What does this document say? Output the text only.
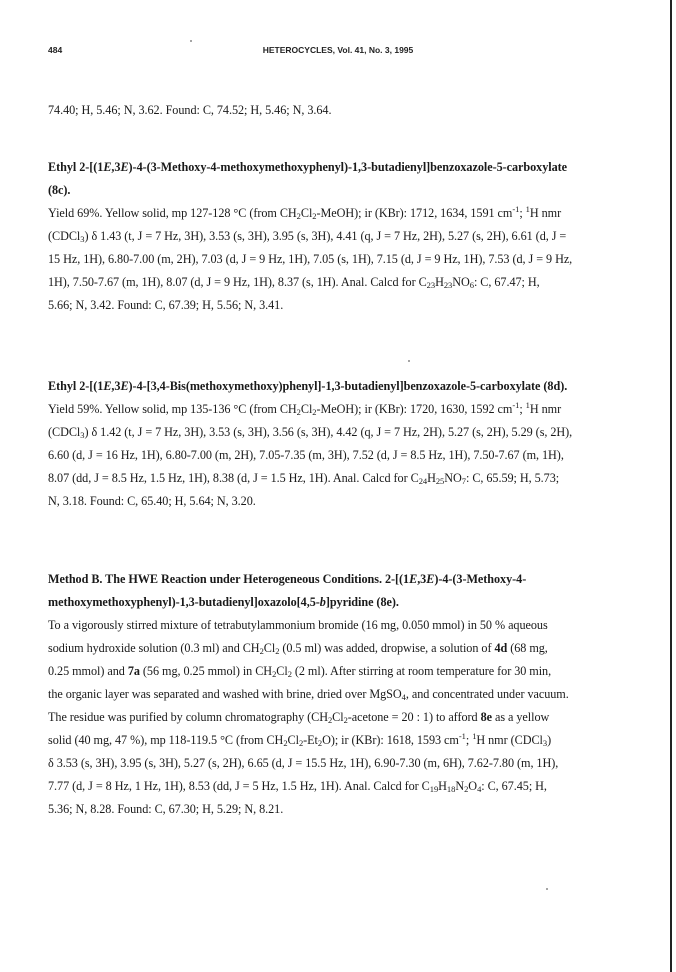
484	HETEROCYCLES, Vol. 41, No. 3, 1995
74.40; H, 5.46; N, 3.62. Found: C, 74.52; H, 5.46; N, 3.64.
Ethyl 2-[(1E,3E)-4-(3-Methoxy-4-methoxymethoxyphenyl)-1,3-butadienyl]benzoxazole-5-carboxylate
(8c).
Yield 69%. Yellow solid, mp 127-128 °C (from $CH_2Cl_2-MeOH$); ir (KBr): 1712, 1634, 1591 $cm^{-1}$; $^1$H nmr
(CDCl$_3$) δ 1.43 (t, J = 7 Hz, 3H), 3.53 (s, 3H), 3.95 (s, 3H), 4.41 (q, J = 7 Hz, 2H), 5.27 (s, 2H), 6.61 (d, J =
15 Hz, 1H), 6.80-7.00 (m, 2H), 7.03 (d, J = 9 Hz, 1H), 7.05 (s, 1H), 7.15 (d, J = 9 Hz, 1H), 7.53 (d, J = 9 Hz,
1H), 7.50-7.67 (m, 1H), 8.07 (d, J = 9 Hz, 1H), 8.37 (s, 1H). Anal. Calcd for $C_{23}H_{23}NO_6$: C, 67.47; H,
5.66; N, 3.42. Found: C, 67.39; H, 5.56; N, 3.41.
Ethyl 2-[(1E,3E)-4-[3,4-Bis(methoxymethoxy)phenyl]-1,3-butadienyl]benzoxazole-5-carboxylate (8d).
Yield 59%. Yellow solid, mp 135-136 °C (from $CH_2Cl_2-MeOH$); ir (KBr): 1720, 1630, 1592 $cm^{-1}$; $^1$H nmr
(CDCl$_3$) δ 1.42 (t, J = 7 Hz, 3H), 3.53 (s, 3H), 3.56 (s, 3H), 4.42 (q, J = 7 Hz, 2H), 5.27 (s, 2H), 5.29 (s, 2H),
6.60 (d, J = 16 Hz, 1H), 6.80-7.00 (m, 2H), 7.05-7.35 (m, 3H), 7.52 (d, J = 8.5 Hz, 1H), 7.50-7.67 (m, 1H),
8.07 (dd, J = 8.5 Hz, 1.5 Hz, 1H), 8.38 (d, J = 1.5 Hz, 1H). Anal. Calcd for $C_{24}H_{25}NO_7$: C, 65.59; H, 5.73;
N, 3.18. Found: C, 65.40; H, 5.64; N, 3.20.
Method B. The HWE Reaction under Heterogeneous Conditions. 2-[(1E,3E)-4-(3-Methoxy-4-
methoxymethoxyphenyl)-1,3-butadienyl]oxazolo[4,5-b]pyridine (8e).
To a vigorously stirred mixture of tetrabutylammonium bromide (16 mg, 0.050 mmol) in 50 % aqueous
sodium hydroxide solution (0.3 ml) and $CH_2Cl_2$ (0.5 ml) was added, dropwise, a solution of 4d (68 mg,
0.25 mmol) and 7a (56 mg, 0.25 mmol) in $CH_2Cl_2$ (2 ml). After stirring at room temperature for 30 min,
the organic layer was separated and washed with brine, dried over MgSO$_4$, and concentrated under vacuum.
The residue was purified by column chromatography ($CH_2Cl_2$-acetone = 20 : 1) to afford 8e as a yellow
solid (40 mg, 47 %), mp 118-119.5 °C (from $CH_2Cl_2-Et_2O$); ir (KBr): 1618, 1593 $cm^{-1}$; $^1$H nmr (CDCl$_3$)
δ 3.53 (s, 3H), 3.95 (s, 3H), 5.27 (s, 2H), 6.65 (d, J = 15.5 Hz, 1H), 6.90-7.30 (m, 6H), 7.62-7.80 (m, 1H),
7.77 (d, J = 8 Hz, 1 Hz, 1H), 8.53 (dd, J = 5 Hz, 1.5 Hz, 1H). Anal. Calcd for $C_{19}H_{18}N_2O_4$: C, 67.45; H,
5.36; N, 8.28. Found: C, 67.30; H, 5.29; N, 8.21.
